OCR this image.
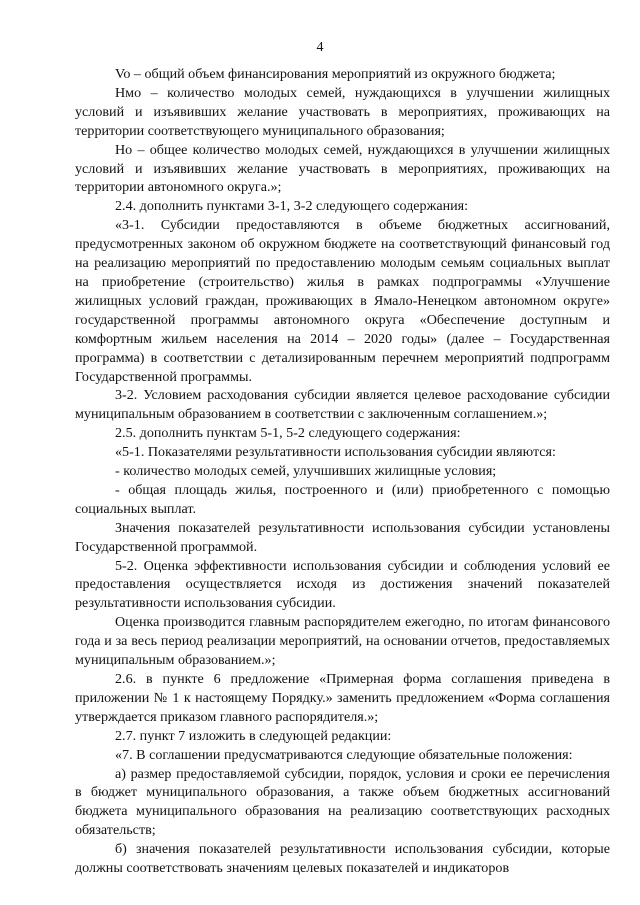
4

Vo – общий объем финансирования мероприятий из окружного бюджета;

Нмо – количество молодых семей, нуждающихся в улучшении жилищных условий и изъявивших желание участвовать в мероприятиях, проживающих на территории соответствующего муниципального образования;

Но – общее количество молодых семей, нуждающихся в улучшении жилищных условий и изъявивших желание участвовать в мероприятиях, проживающих на территории автономного округа.»;

2.4. дополнить пунктами 3-1, 3-2 следующего содержания:

«3-1. Субсидии предоставляются в объеме бюджетных ассигнований, предусмотренных законом об окружном бюджете на соответствующий финансовый год на реализацию мероприятий по предоставлению молодым семьям социальных выплат на приобретение (строительство) жилья в рамках подпрограммы «Улучшение жилищных условий граждан, проживающих в Ямало-Ненецком автономном округе» государственной программы автономного округа «Обеспечение доступным и комфортным жильем населения на 2014 – 2020 годы» (далее – Государственная программа) в соответствии с детализированным перечнем мероприятий подпрограмм Государственной программы.

3-2. Условием расходования субсидии является целевое расходование субсидии муниципальным образованием в соответствии с заключенным соглашением.»;

2.5. дополнить пунктам 5-1, 5-2 следующего содержания:

«5-1. Показателями результативности использования субсидии являются:

- количество молодых семей, улучшивших жилищные условия;

- общая площадь жилья, построенного и (или) приобретенного с помощью социальных выплат.

Значения показателей результативности использования субсидии установлены Государственной программой.

5-2. Оценка эффективности использования субсидии и соблюдения условий ее предоставления осуществляется исходя из достижения значений показателей результативности использования субсидии.

Оценка производится главным распорядителем ежегодно, по итогам финансового года и за весь период реализации мероприятий, на основании отчетов, предоставляемых муниципальным образованием.»;

2.6. в пункте 6 предложение «Примерная форма соглашения приведена в приложении № 1 к настоящему Порядку.» заменить предложением «Форма соглашения утверждается приказом главного распорядителя.»;

2.7. пункт 7 изложить в следующей редакции:

«7. В соглашении предусматриваются следующие обязательные положения:

а) размер предоставляемой субсидии, порядок, условия и сроки ее перечисления в бюджет муниципального образования, а также объем бюджетных ассигнований бюджета муниципального образования на реализацию соответствующих расходных обязательств;

б) значения показателей результативности использования субсидии, которые должны соответствовать значениям целевых показателей и индикаторов
